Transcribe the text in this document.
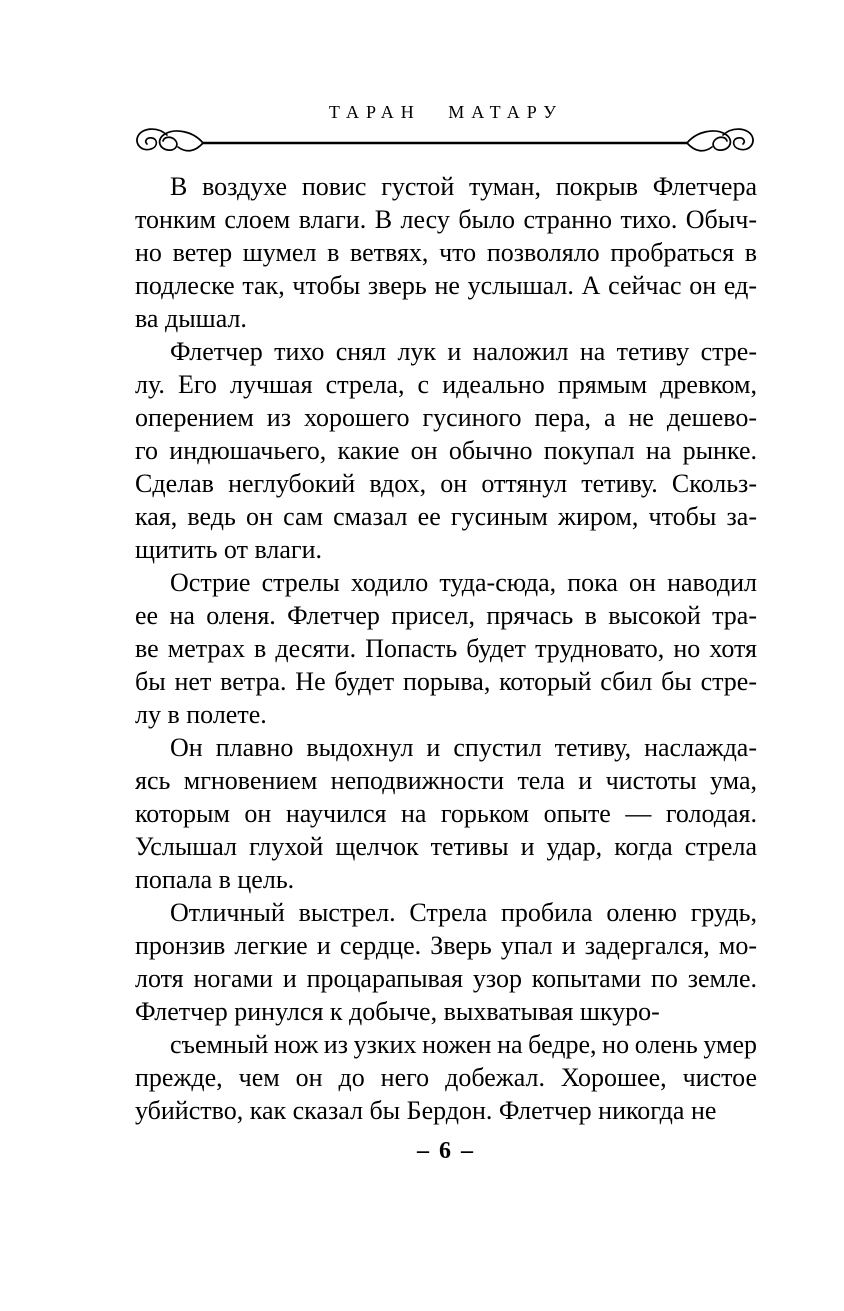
ТАРАН МАТАРУ
В воздухе повис густой туман, покрыв Флетчера
тонким слоем влаги. В лесу было странно тихо. Обыч-
но ветер шумел в ветвях, что позволяло пробраться в
подлеске так, чтобы зверь не услышал. А сейчас он ед-
ва дышал.
Флетчер тихо снял лук и наложил на тетиву стре-
лу. Его лучшая стрела, с идеально прямым древком,
оперением из хорошего гусиного пера, а не дешево-
го индюшачьего, какие он обычно покупал на рынке.
Сделав неглубокий вдох, он оттянул тетиву. Скольз-
кая, ведь он сам смазал ее гусиным жиром, чтобы за-
щитить от влаги.
Острие стрелы ходило туда-сюда, пока он наводил
ее на оленя. Флетчер присел, прячась в высокой тра-
ве метрах в десяти. Попасть будет трудновато, но хотя
бы нет ветра. Не будет порыва, который сбил бы стре-
лу в полете.
Он плавно выдохнул и спустил тетиву, наслажда-
ясь мгновением неподвижности тела и чистоты ума,
которым он научился на горьком опыте — голодая.
Услышал глухой щелчок тетивы и удар, когда стрела
попала в цель.
Отличный выстрел. Стрела пробила оленю грудь,
пронзив легкие и сердце. Зверь упал и задергался, мо-
лотя ногами и процарапывая узор копытами по земле.
Флетчер ринулся к добыче, выхватывая шкуро-
съемный нож из узких ножен на бедре, но олень умер
прежде, чем он до него добежал. Хорошее, чистое
убийство, как сказал бы Бердон. Флетчер никогда не
– 6 –
